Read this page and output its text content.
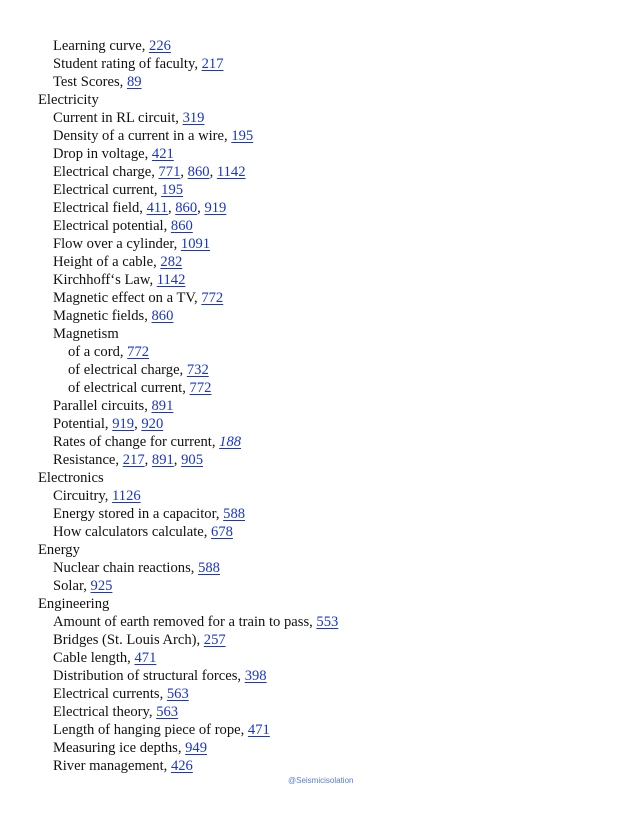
Learning curve, 226
Student rating of faculty, 217
Test Scores, 89
Electricity
Current in RL circuit, 319
Density of a current in a wire, 195
Drop in voltage, 421
Electrical charge, 771, 860, 1142
Electrical current, 195
Electrical field, 411, 860, 919
Electrical potential, 860
Flow over a cylinder, 1091
Height of a cable, 282
Kirchhoff‘s Law, 1142
Magnetic effect on a TV, 772
Magnetic fields, 860
Magnetism
of a cord, 772
of electrical charge, 732
of electrical current, 772
Parallel circuits, 891
Potential, 919, 920
Rates of change for current, 188
Resistance, 217, 891, 905
Electronics
Circuitry, 1126
Energy stored in a capacitor, 588
How calculators calculate, 678
Energy
Nuclear chain reactions, 588
Solar, 925
Engineering
Amount of earth removed for a train to pass, 553
Bridges (St. Louis Arch), 257
Cable length, 471
Distribution of structural forces, 398
Electrical currents, 563
Electrical theory, 563
Length of hanging piece of rope, 471
Measuring ice depths, 949
River management, 426
@Seismicisolation
